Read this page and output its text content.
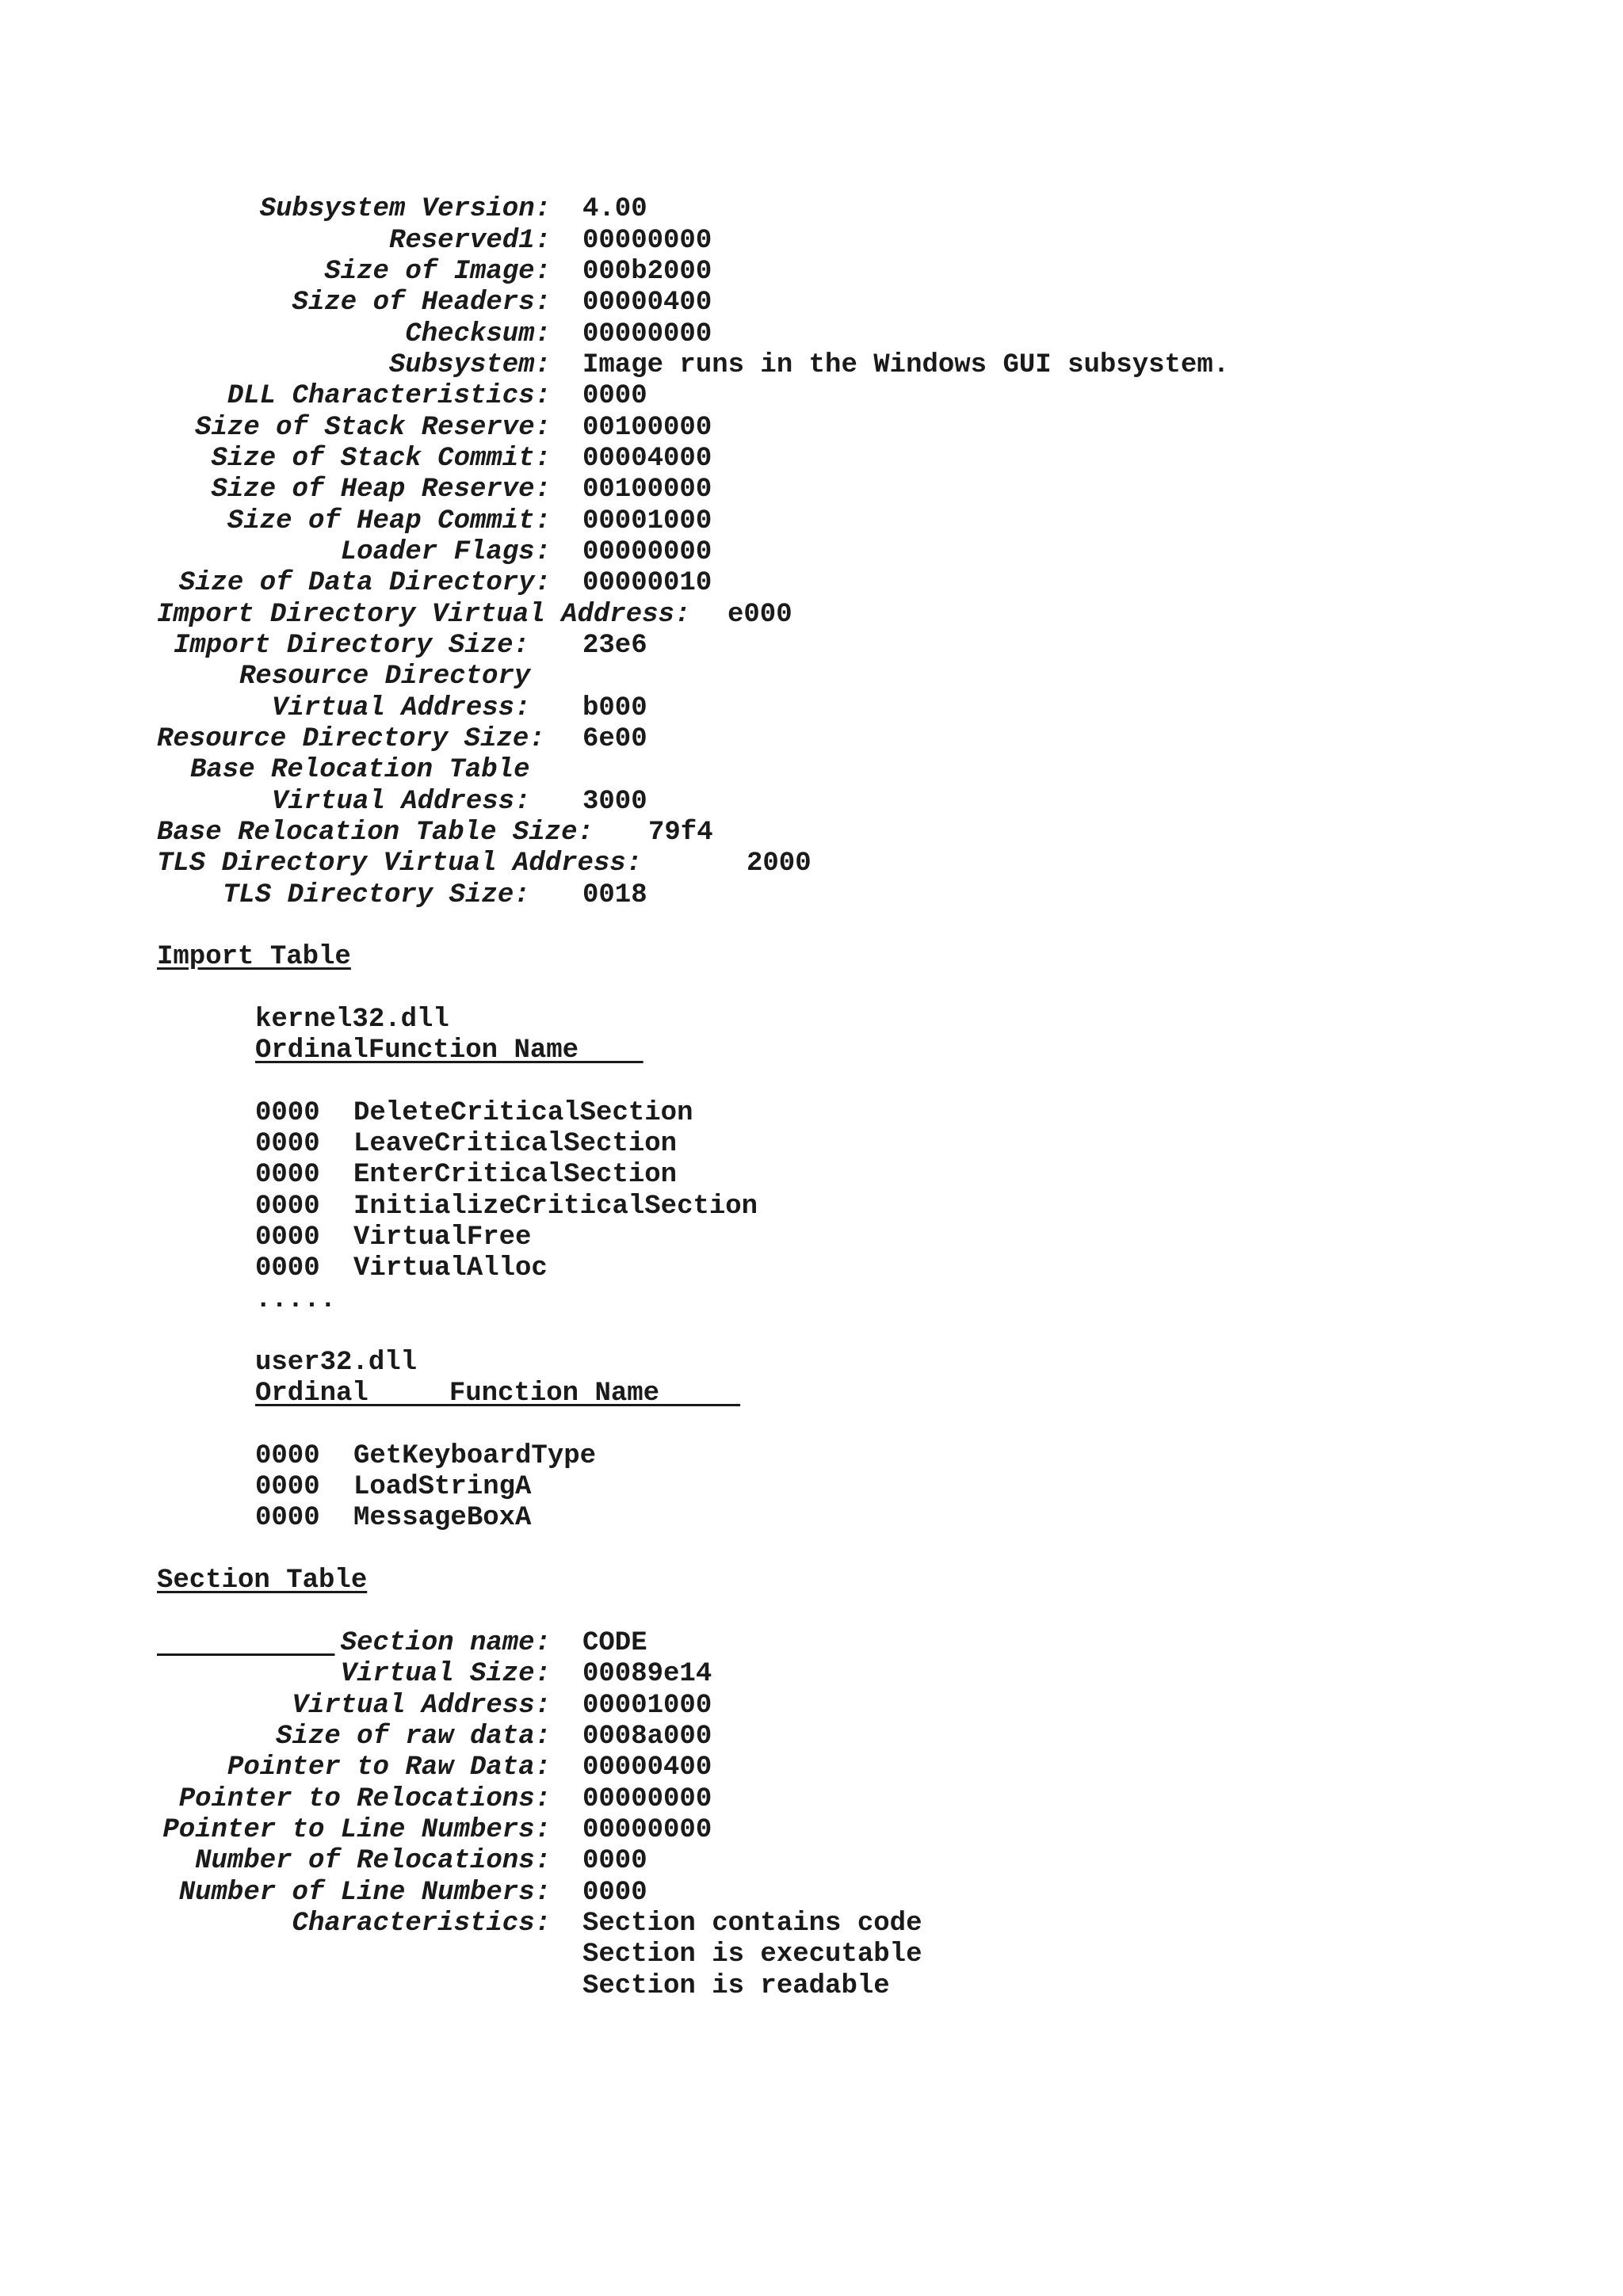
Subsystem Version: 4.00
Reserved1: 00000000
Size of Image: 000b2000
Size of Headers: 00000400
Checksum: 00000000
Subsystem: Image runs in the Windows GUI subsystem.
DLL Characteristics: 0000
Size of Stack Reserve: 00100000
Size of Stack Commit: 00004000
Size of Heap Reserve: 00100000
Size of Heap Commit: 00001000
Loader Flags: 00000000
Size of Data Directory: 00000010
Import Directory Virtual Address: e000
Import Directory Size: 23e6
Resource Directory
Virtual Address: b000
Resource Directory Size: 6e00
Base Relocation Table
Virtual Address: 3000
Base Relocation Table Size: 79f4
TLS Directory Virtual Address:	2000
TLS Directory Size: 0018
Import Table
kernel32.dll
OrdinalFunction Name
0000 DeleteCriticalSection
0000 LeaveCriticalSection
0000 EnterCriticalSection
0000 InitializeCriticalSection
0000 VirtualFree
0000 VirtualAlloc
.....
user32.dll
Ordinal     Function Name
0000 GetKeyboardType
0000 LoadStringA
0000 MessageBoxA
Section Table

Section name: CODE
Virtual Size: 00089e14
Virtual Address: 00001000
Size of raw data: 0008a000
Pointer to Raw Data: 00000400
Pointer to Relocations: 00000000
Pointer to Line Numbers: 00000000
Number of Relocations: 0000
Number of Line Numbers: 0000
Characteristics: Section contains code
Section is executable
Section is readable
